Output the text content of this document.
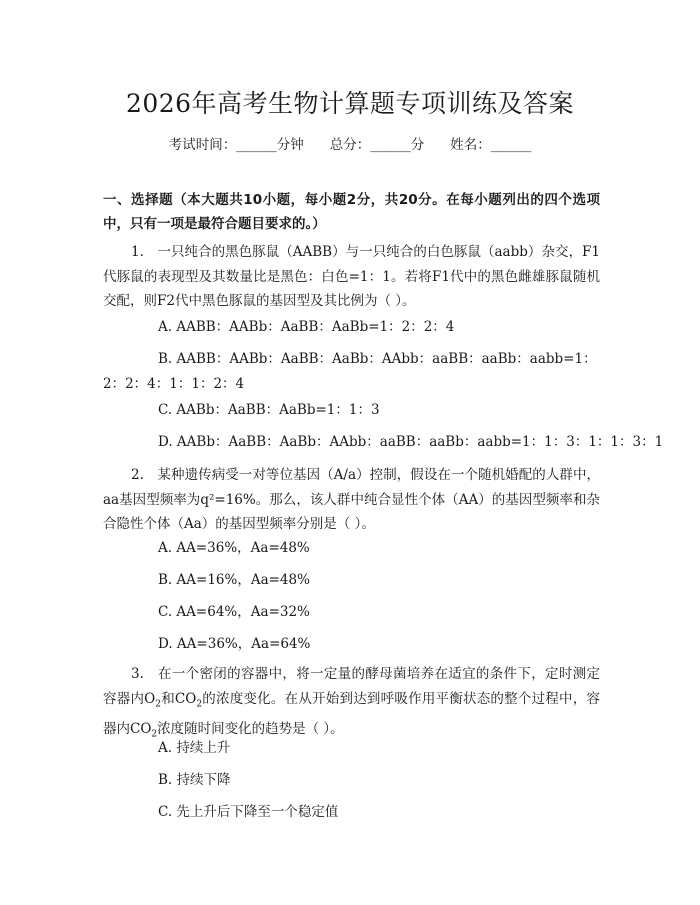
2026年高考生物计算题专项训练及答案
考试时间：______分钟 总分：______分 姓名：______
一、选择题（本大题共10小题，每小题2分，共20分。在每小题列出的四个选项中，只有一项是最符合题目要求的。）
1.　一只纯合的黑色豚鼠（AABB）与一只纯合的白色豚鼠（aabb）杂交，F1代豚鼠的表现型及其数量比是黑色：白色=1：1。若将F1代中的黑色雌雄豚鼠随机交配，则F2代中黑色豚鼠的基因型及其比例为（ ）。
A. AABB：AABb：AaBB：AaBb=1：2：2：4
B. AABB：AABb：AaBB：AaBb：AAbb：aaBB：aaBb：aabb=1：2：2：4：1：1：2：4
C. AABb：AaBB：AaBb=1：1：3
D. AABb：AaBB：AaBb：AAbb：aaBB：aaBb：aabb=1：1：3：1：1：3：1
2.　某种遗传病受一对等位基因（A/a）控制，假设在一个随机婚配的人群中，aa基因型频率为q²=16%。那么，该人群中纯合显性个体（AA）的基因型频率和杂合隐性个体（Aa）的基因型频率分别是（ ）。
A. AA=36%，Aa=48%
B. AA=16%，Aa=48%
C. AA=64%，Aa=32%
D. AA=36%，Aa=64%
3.　在一个密闭的容器中，将一定量的酵母菌培养在适宜的条件下，定时测定容器内$O_2$和$CO_2$的浓度变化。在从开始到达到呼吸作用平衡状态的整个过程中，容器内$CO_2$浓度随时间变化的趋势是（ ）。
A. 持续上升
B. 持续下降
C. 先上升后下降至一个稳定值
